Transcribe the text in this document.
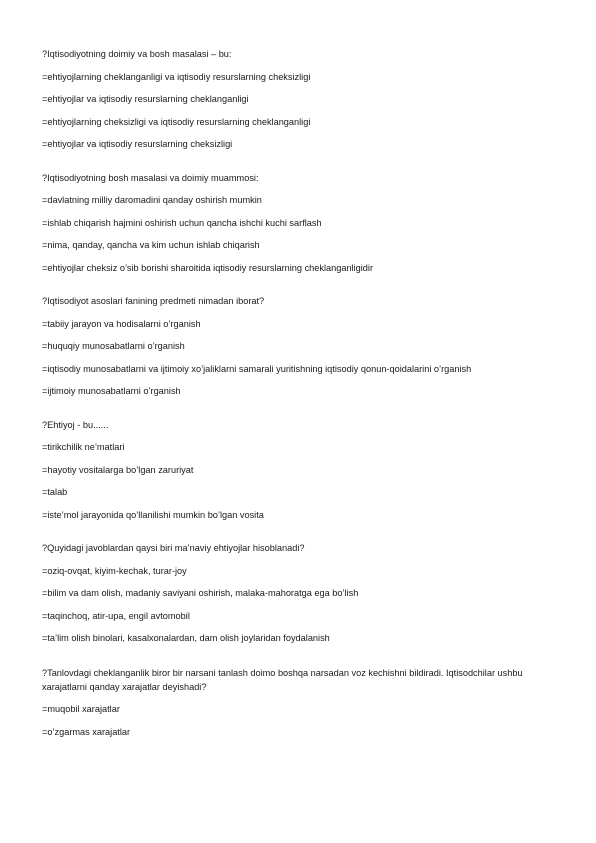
?Iqtisodiyotning doimiy va bosh masalasi – bu:
=ehtiyojlarning cheklanganligi va iqtisodiy resurslarning cheksizligi
=ehtiyojlar va iqtisodiy resurslarning cheklanganligi
=ehtiyojlarning cheksizligi va iqtisodiy resurslarning cheklanganligi
=ehtiyojlar va iqtisodiy resurslarning cheksizligi
?Iqtisodiyotning bosh masalasi va doimiy muammosi:
=davlatning milliy daromadini qanday oshirish mumkin
=ishlab chiqarish hajmini oshirish uchun qancha ishchi kuchi sarflash
=nima, qanday, qancha va kim uchun ishlab chiqarish
=ehtiyojlar cheksiz o’sib borishi sharoitida iqtisodiy resurslarning cheklanganligidir
?Iqtisodiyot asoslari fanining predmeti nimadan iborat?
=tabiiy jarayon va hodisalarni o’rganish
=huquqiy munosabatlarni o’rganish
=iqtisodiy munosabatlarni va ijtimoiy xo’jaliklarni samarali yuritishning iqtisodiy qonun-qoidalarini o’rganish
=ijtimoiy munosabatlarni o’rganish
?Ehtiyoj - bu......
=tirikchilik ne’matlari
=hayotiy vositalarga bo’lgan zaruriyat
=talab
=iste’mol jarayonida qo’llanilishi mumkin bo’lgan vosita
?Quyidagi javoblardan qaysi biri ma’naviy ehtiyojlar hisoblanadi?
=oziq-ovqat, kiyim-kechak, turar-joy
=bilim va dam olish, madaniy saviyani oshirish, malaka-mahoratga ega bo’lish
=taqinchoq, atir-upa, engil avtomobil
=ta’lim olish binolari, kasalxonalardan, dam olish joylaridan foydalanish
?Tanlovdagi cheklanganlik biror bir narsani tanlash doimo boshqa narsadan voz kechishni bildiradi. Iqtisodchilar ushbu xarajatlarni qanday xarajatlar deyishadi?
=muqobil xarajatlar
=o’zgarmas xarajatlar
